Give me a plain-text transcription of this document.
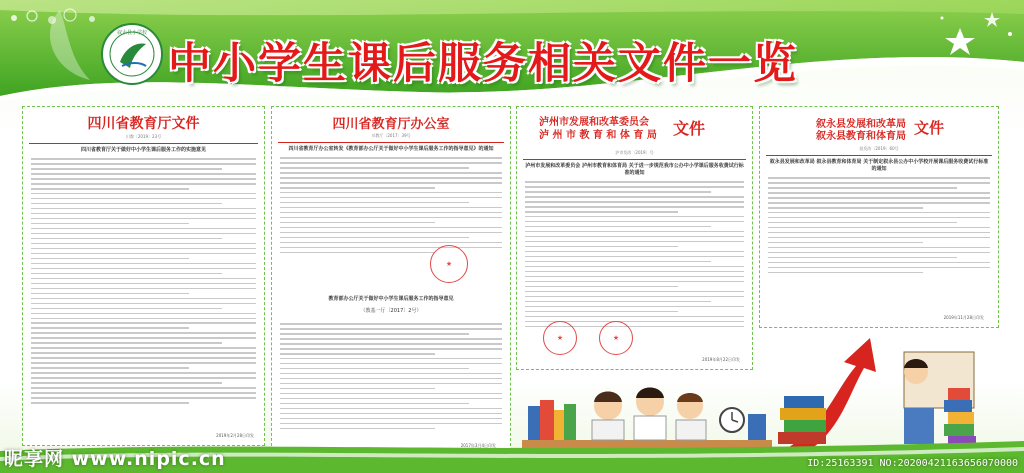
叙永县小学校
中小学生课后服务相关文件一览
四川省教育厅文件
川教〔2019〕23号
四川省教育厅关于做好中小学生课后服务工作的实施意见
2019年2月28日印发
四川省教育厅办公室
川教厅〔2017〕39号
四川省教育厅办公室转发《教育部办公厅关于做好中小学生课后服务工作的指导意见》的通知
★
教育部办公厅关于做好中小学生课后服务工作的指导意见
（教基一厅〔2017〕2号）
2017年3月4日印发
泸州市发展和改革委员会
泸 州 市 教 育 和 体 育 局 文件
泸市发改〔2019〕号
泸州市发展和改革委员会 泸州市教育和体育局 关于进一步规范我市公办中小学课后服务收费试行标准的通知
★	★
2019年8月22日印发
叙永县发展和改革局
叙永县教育和体育局 文件
叙发改〔2019〕60号
叙永县发展和改革局 叙永县教育和体育局 关于制定叙永县公办中小学校开展课后服务收费试行标准的通知
2019年11月28日印发
昵享网 www.nipic.cn	ID:25163391 NO:20200421163656070000
